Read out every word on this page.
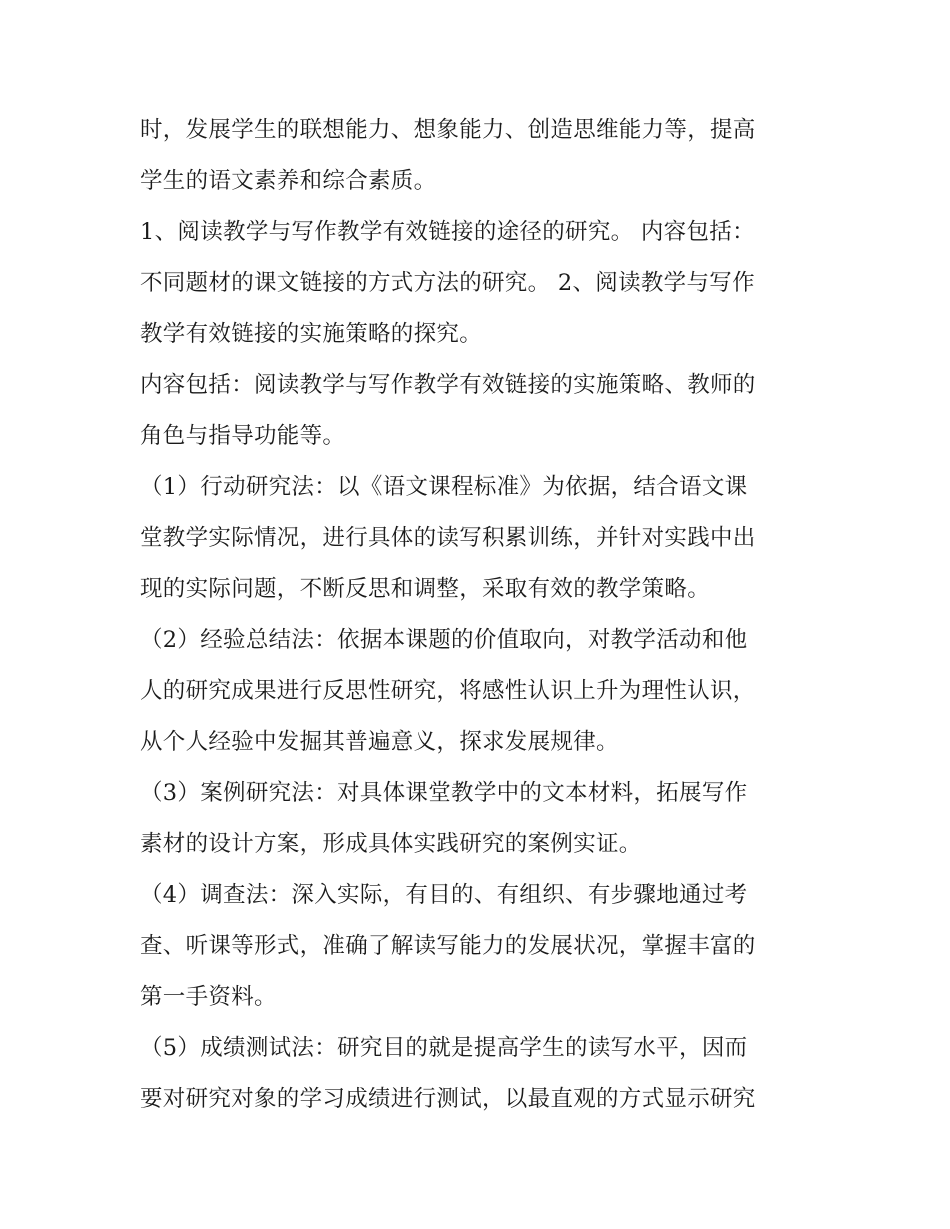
时，发展学生的联想能力、想象能力、创造思维能力等，提高
学生的语文素养和综合素质。
1、阅读教学与写作教学有效链接的途径的研究。 内容包括：
不同题材的课文链接的方式方法的研究。 2、阅读教学与写作
教学有效链接的实施策略的探究。
内容包括：阅读教学与写作教学有效链接的实施策略、教师的
角色与指导功能等。
（1）行动研究法：以《语文课程标准》为依据，结合语文课
堂教学实际情况，进行具体的读写积累训练，并针对实践中出
现的实际问题，不断反思和调整，采取有效的教学策略。
（2）经验总结法：依据本课题的价值取向，对教学活动和他
人的研究成果进行反思性研究，将感性认识上升为理性认识，
从个人经验中发掘其普遍意义，探求发展规律。
（3）案例研究法：对具体课堂教学中的文本材料，拓展写作
素材的设计方案，形成具体实践研究的案例实证。
（4）调查法：深入实际，有目的、有组织、有步骤地通过考
查、听课等形式，准确了解读写能力的发展状况，掌握丰富的
第一手资料。
（5）成绩测试法：研究目的就是提高学生的读写水平，因而
要对研究对象的学习成绩进行测试，以最直观的方式显示研究
